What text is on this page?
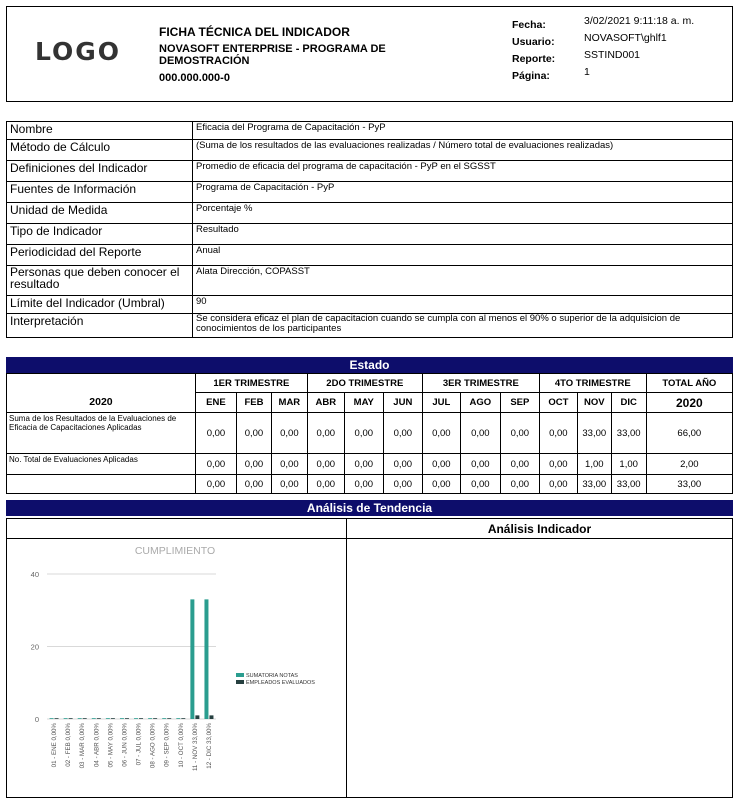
LOGO
FICHA TÉCNICA DEL INDICADOR
NOVASOFT ENTERPRISE - PROGRAMA DE DEMOSTRACIÓN
000.000.000-0
Fecha:	3/02/2021 9:11:18 a. m.
Usuario:	NOVASOFT\ghlf1
Reporte:	SSTIND001
Página:	1
Nombre	Eficacia del Programa de Capacitación - PyP
Método de Cálculo	(Suma de los resultados de las evaluaciones realizadas / Número total de evaluaciones realizadas)
Definiciones del Indicador	Promedio de eficacia del programa de capacitación - PyP en el SGSST
Fuentes de Información	Programa de Capacitación - PyP
Unidad de Medida	Porcentaje %
Tipo de Indicador	Resultado
Periodicidad del Reporte	Anual
Personas que deben conocer el resultado	Alata Dirección, COPASST
Límite del Indicador (Umbral)	90
Interpretación	Se considera eficaz el plan de capacitacion cuando se cumpla con al menos el 90% o superior de la adquisicion de conocimientos de los participantes
Estado
	1ER TRIMESTRE			2DO TRIMESTRE			3ER TRIMESTRE			4TO TRIMESTRE			TOTAL AÑO
2020	ENE	FEB	MAR	ABR	MAY	JUN	JUL	AGO	SEP	OCT	NOV	DIC	2020
Suma de los Resultados de la Evaluaciones de Eficacia de Capacitaciones Aplicadas	0,00	0,00	0,00	0,00	0,00	0,00	0,00	0,00	0,00	0,00	33,00	33,00	66,00
No. Total de Evaluaciones Aplicadas	0,00	0,00	0,00	0,00	0,00	0,00	0,00	0,00	0,00	0,00	1,00	1,00	2,00
	0,00	0,00	0,00	0,00	0,00	0,00	0,00	0,00	0,00	0,00	33,00	33,00	33,00
Análisis de Tendencia
Análisis Indicador
CUMPLIMIENTO
0
20
40
01 - ENE 0,00% 02 - FEB 0,00% 03 - MAR 0,00% 04 - ABR 0,00% 05 - MAY 0,00% 06 - JUN 0,00% 07 - JUL 0,00% 08 - AGO 0,00% 09 - SEP 0,00% 10 - OCT 0,00% 11 - NOV 33,00% 12 - DIC 33,00%
SUMATORIA NOTAS
EMPLEADOS EVALUADOS
